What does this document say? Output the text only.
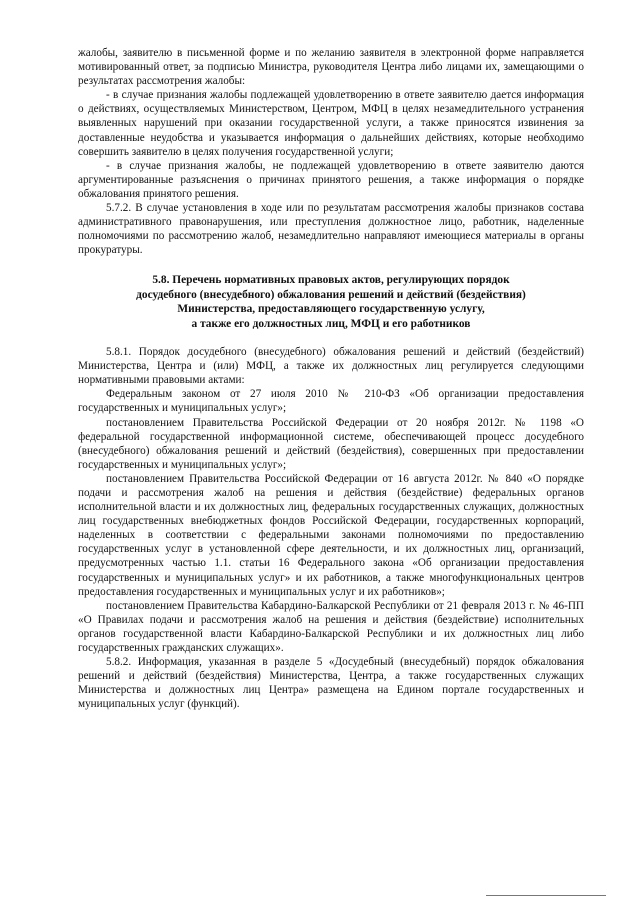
жалобы, заявителю в письменной форме и по желанию заявителя в электронной форме направляется мотивированный ответ, за подписью Министра, руководителя Центра либо лицами их, замещающими о результатах рассмотрения жалобы:

- в случае признания жалобы подлежащей удовлетворению в ответе заявителю дается информация о действиях, осуществляемых Министерством, Центром, МФЦ в целях незамедлительного устранения выявленных нарушений при оказании государственной услуги, а также приносятся извинения за доставленные неудобства и указывается информация о дальнейших действиях, которые необходимо совершить заявителю в целях получения государственной услуги;

- в случае признания жалобы, не подлежащей удовлетворению в ответе заявителю даются аргументированные разъяснения о причинах принятого решения, а также информация о порядке обжалования принятого решения.

5.7.2. В случае установления в ходе или по результатам рассмотрения жалобы признаков состава административного правонарушения, или преступления должностное лицо, работник, наделенные полномочиями по рассмотрению жалоб, незамедлительно направляют имеющиеся материалы в органы прокуратуры.

5.8. Перечень нормативных правовых актов, регулирующих порядок
досудебного (внесудебного) обжалования решений и действий (бездействия)
Министерства, предоставляющего государственную услугу,
а также его должностных лиц, МФЦ и его работников

5.8.1. Порядок досудебного (внесудебного) обжалования решений и действий (бездействий) Министерства, Центра и (или) МФЦ, а также их должностных лиц регулируется следующими нормативными правовыми актами:

Федеральным законом от 27 июля 2010 № 210-ФЗ «Об организации предоставления государственных и муниципальных услуг»;

постановлением Правительства Российской Федерации от 20 ноября 2012г. № 1198 «О федеральной государственной информационной системе, обеспечивающей процесс досудебного (внесудебного) обжалования решений и действий (бездействия), совершенных при предоставлении государственных и муниципальных услуг»;

постановлением Правительства Российской Федерации от 16 августа 2012г. № 840 «О порядке подачи и рассмотрения жалоб на решения и действия (бездействие) федеральных органов исполнительной власти и их должностных лиц, федеральных государственных служащих, должностных лиц государственных внебюджетных фондов Российской Федерации, государственных корпораций, наделенных в соответствии с федеральными законами полномочиями по предоставлению государственных услуг в установленной сфере деятельности, и их должностных лиц, организаций, предусмотренных частью 1.1. статьи 16 Федерального закона «Об организации предоставления государственных и муниципальных услуг» и их работников, а также многофункциональных центров предоставления государственных и муниципальных услуг и их работников»;

постановлением Правительства Кабардино-Балкарской Республики от 21 февраля 2013 г. № 46-ПП «О Правилах подачи и рассмотрения жалоб на решения и действия (бездействие) исполнительных органов государственной власти Кабардино-Балкарской Республики и их должностных лиц либо государственных гражданских служащих».

5.8.2. Информация, указанная в разделе 5 «Досудебный (внесудебный) порядок обжалования решений и действий (бездействия) Министерства, Центра, а также государственных служащих Министерства и должностных лиц Центра» размещена на Едином портале государственных и муниципальных услуг (функций).
